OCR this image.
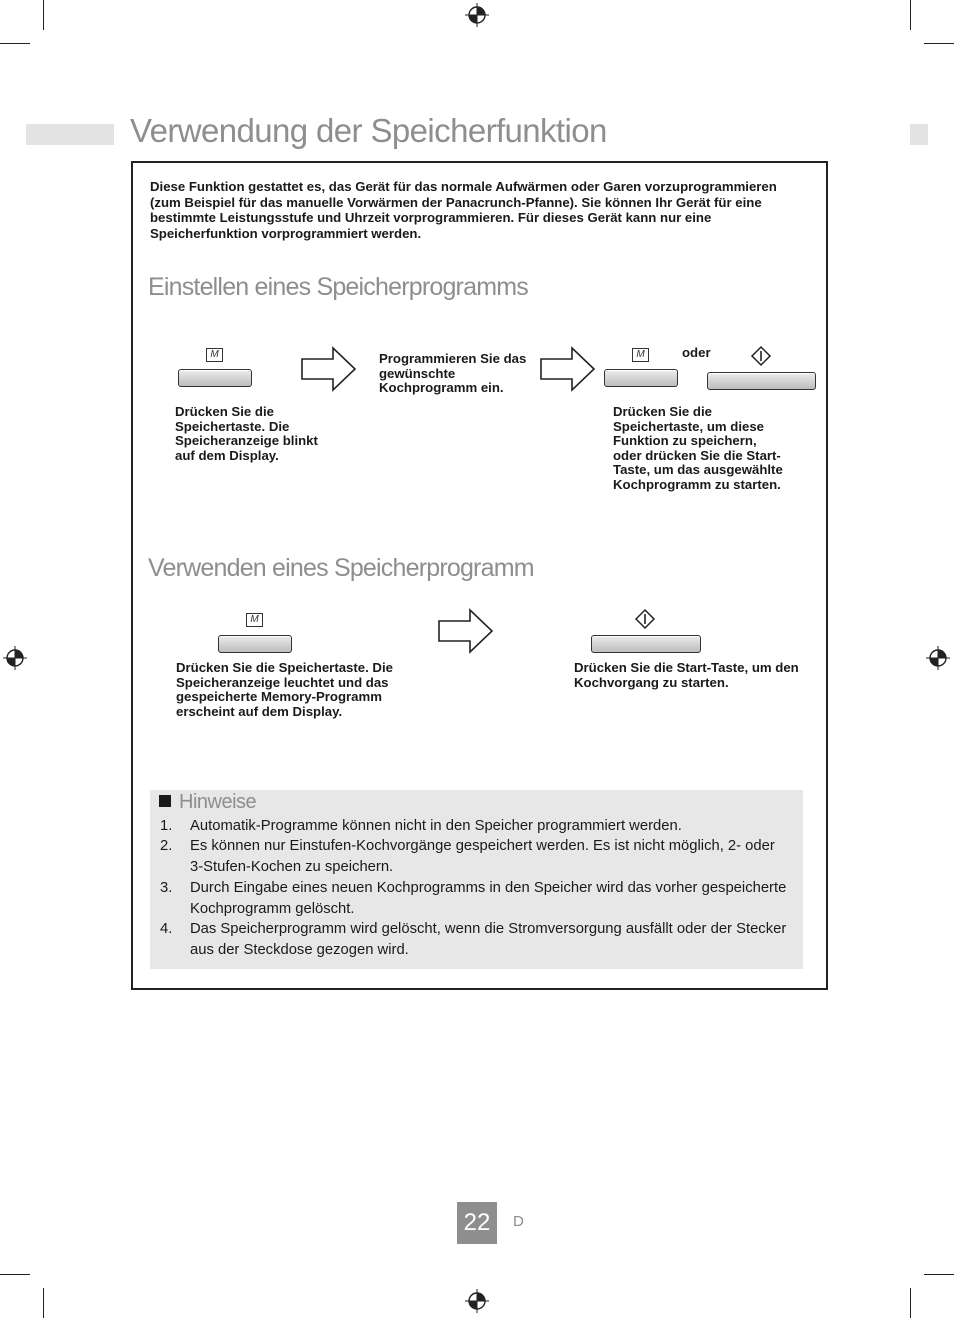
Verwendung der Speicherfunktion
Diese Funktion gestattet es, das Gerät für das normale Aufwärmen oder Garen vorzuprogrammieren (zum Beispiel für das manuelle Vorwärmen der Panacrunch-Pfanne). Sie können Ihr Gerät für eine bestimmte Leistungsstufe und Uhrzeit vorprogrammieren. Für dieses Gerät kann nur eine Speicherfunktion vorprogrammiert werden.
Einstellen eines Speicherprogramms
M	Programmieren Sie das gewünschte Kochprogramm ein.
M	oder
Drücken Sie die Speichertaste. Die Speicheranzeige blinkt auf dem Display.
Drücken Sie die Speichertaste, um diese Funktion zu speichern, oder drücken Sie die Start-Taste, um das ausgewählte Kochprogramm zu starten.
Verwenden eines Speicherprogramm
M
Drücken Sie die Speichertaste. Die Speicheranzeige leuchtet und das gespeicherte Memory-Programm erscheint auf dem Display.
Drücken Sie die Start-Taste, um den Kochvorgang zu starten.
Hinweise
1. Automatik-Programme können nicht in den Speicher programmiert werden.
2. Es können nur Einstufen-Kochvorgänge gespeichert werden. Es ist nicht möglich, 2- oder 3-Stufen-Kochen zu speichern.
3. Durch Eingabe eines neuen Kochprogramms in den Speicher wird das vorher gespeicherte Kochprogramm gelöscht.
4. Das Speicherprogramm wird gelöscht, wenn die Stromversorgung ausfällt oder der Stecker aus der Steckdose gezogen wird.
22	D
